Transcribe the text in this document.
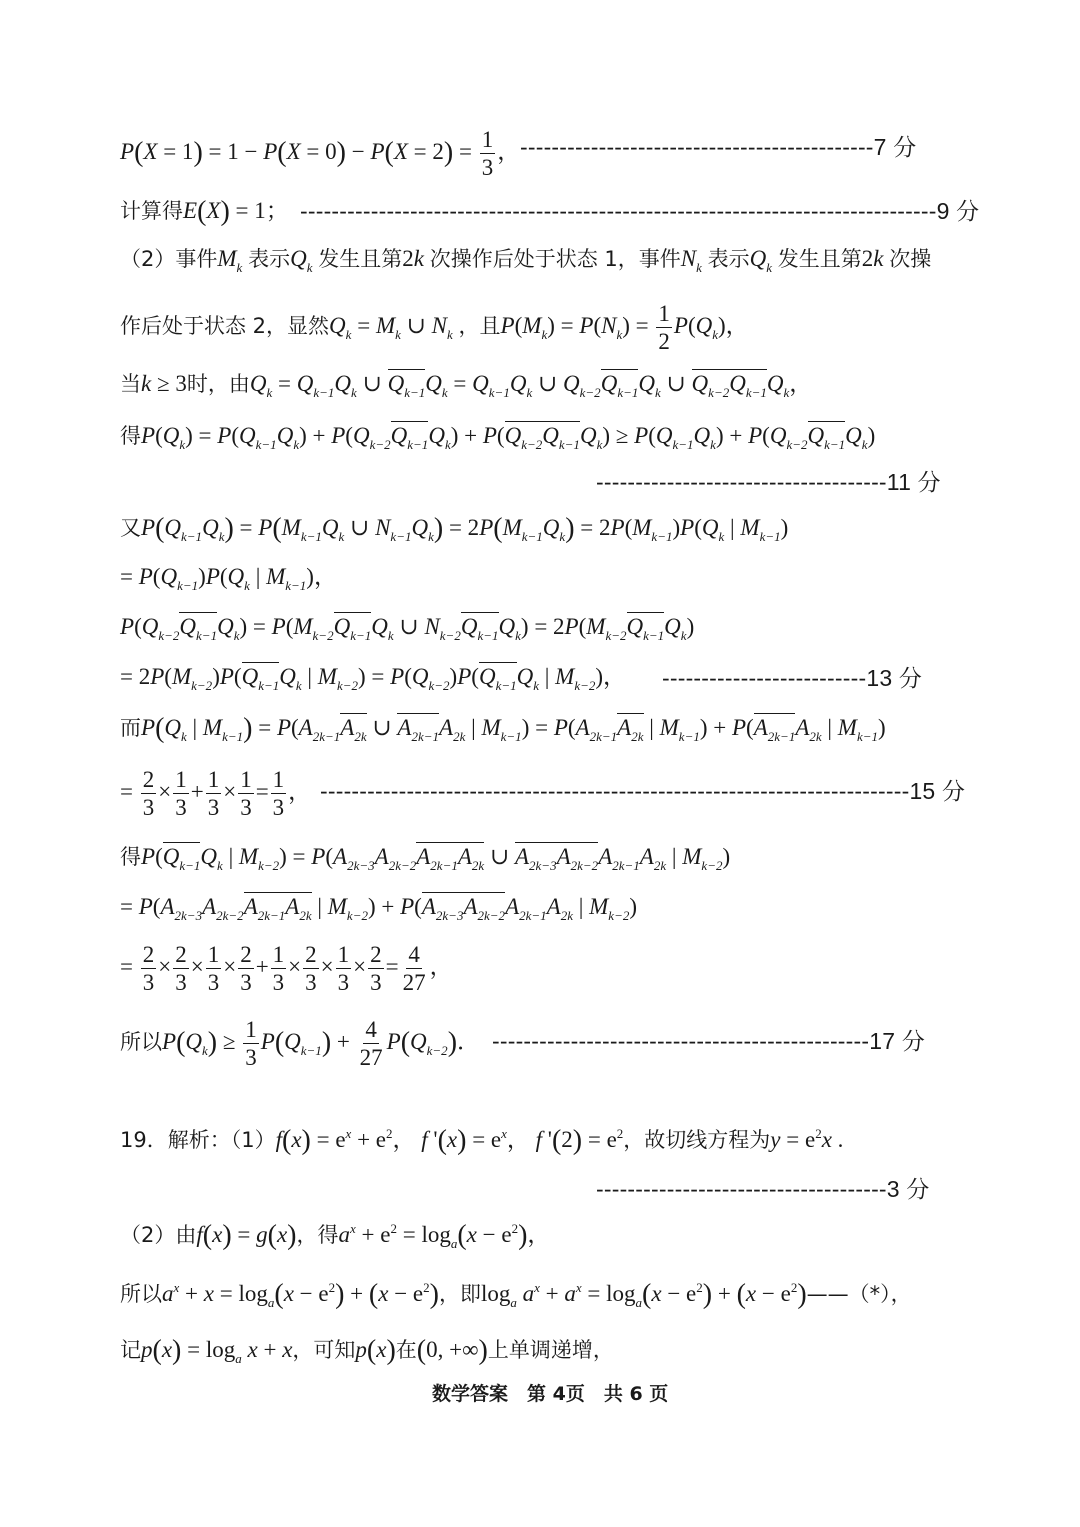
$P(X = 1) = 1 - P(X = 0) - P(X = 2) = \frac{1}{3}$ ， ---------------------------------------------7 分
计算得E(X) = 1； ---------------------------------------------------------------------------------9 分
（2）事件$M_k$ 表示$Q_k$ 发生且第2k 次操作后处于状态 1，事件$N_k$ 表示$Q_k$ 发生且第2k 次操
作后处于状态 2，显然$Q_k = M_k$ ∪ $N_k$ ，且$P(M_k) = P(N_k) = \frac{1}{2} P(Q_k)$，
当k ≥ 3时，由$Q_k = Q_{k-1}Q_k$ ∪ $Q_{k-1}Q_k = Q_{k-1}Q_k$ ∪ $Q_{k-2}Q_{k-1}Q_k$ ∪ $Q_{k-2}Q_{k-1}Q_k$，
得$P(Q_k) = P(Q_{k-1}Q_k) + P(Q_{k-2}Q_{k-1}Q_k) + P(Q_{k-2}Q_{k-1}Q_k) \ge P(Q_{k-1}Q_k) + P(Q_{k-2}Q_{k-1}Q_k)$
-------------------------------------11 分
又$P(Q_{k-1}Q_k) = P(M_{k-1}Q_k$ ∪ $N_{k-1}Q_k) = 2P(M_{k-1}Q_k) = 2P(M_{k-1})P(Q_k$ | $M_{k-1}$)
= $P(Q_{k-1})P(Q_k$ | $M_{k-1}$)，
$P(Q_{k-2}Q_{k-1}Q_k) = P(M_{k-2}Q_{k-1}Q_k$ ∪ $N_{k-2}Q_{k-1}Q_k) = 2P(M_{k-2}Q_{k-1}Q_k)$
= $2P(M_{k-2})P(Q_{k-1}Q_k$ | $M_{k-2}) = P(Q_{k-2})P(Q_{k-1}Q_k$ | $M_{k-2}$)， --------------------------13 分
而$P(Q_k$ | $M_{k-1}) = P(A_{2k-1}A_{2k}$ ∪ $A_{2k-1}A_{2k}$ | $M_{k-1}) = P(A_{2k-1}A_{2k}$ | $M_{k-1}) + P(A_{2k-1}A_{2k}$ | $M_{k-1}$)
= $\frac{2}{3} \times \frac{1}{3} + \frac{1}{3} \times \frac{1}{3} = \frac{1}{3}$ ， ---------------------------------------------------------------------------15 分
得$P(Q_{k-1}Q_k$ | $M_{k-2}) = P(A_{2k-3}A_{2k-2}A_{2k-1}A_{2k}$ ∪ $A_{2k-3}A_{2k-2}A_{2k-1}A_{2k}$ | $M_{k-2}$)
= $P(A_{2k-3}A_{2k-2}A_{2k-1}A_{2k}$ | $M_{k-2}) + P(A_{2k-3}A_{2k-2}A_{2k-1}A_{2k}$ | $M_{k-2}$)
= $\frac{2}{3} \times \frac{2}{3} \times \frac{1}{3} \times \frac{2}{3} + \frac{1}{3} \times \frac{2}{3} \times \frac{1}{3} \times \frac{2}{3} = \frac{4}{27}$ ，
所以$P(Q_k) \ge \frac{1}{3} P(Q_{k-1}) + \frac{4}{27} P(Q_{k-2})$． ------------------------------------------------17 分
19．解析：$(1)f(x) = e^x + e^2$， f '$(x) = e^x$， f '$(2) = e^2$，故切线方程为$y = e^2x$ .
-------------------------------------3 分
（2）由f(x) = g(x)，得$a^x + e^2 = \log_a(x - e^2)$，
所以$a^x + x = \log_a(x - e^2) + (x - e^2)$，即$\log_a a^x + a^x = \log_a(x - e^2) + (x$ − $e^2)——(*)$，
记$p(x) = \log_a x + x$，可知p(x)在(0, +∞)上单调递增，
数学答案　第 4页　共 6 页
